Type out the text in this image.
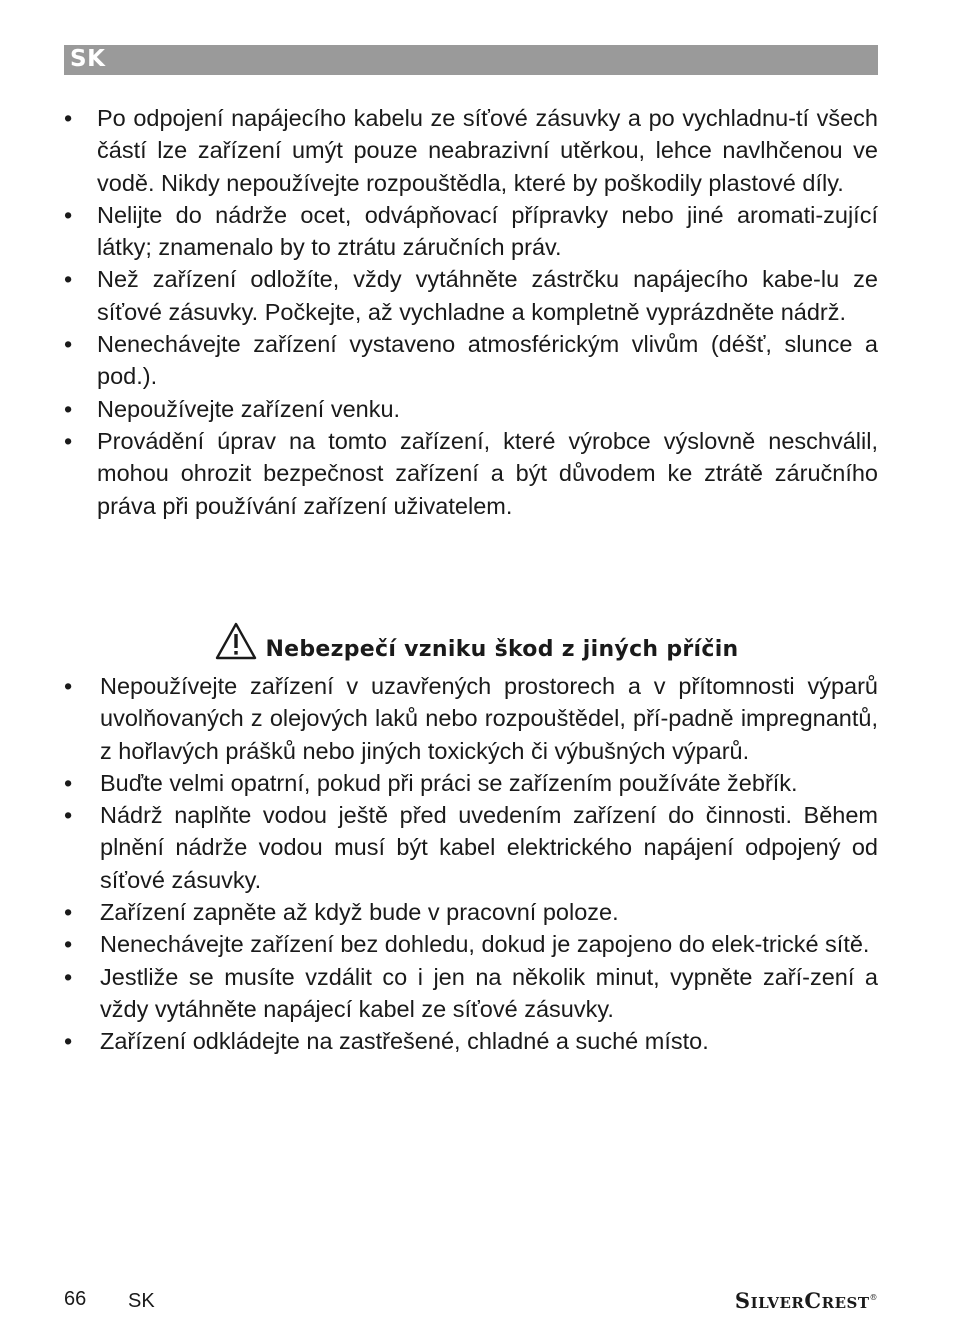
SK
• Po odpojení napájecího kabelu ze síťové zásuvky a po vychladnu-tí všech částí lze zařízení umýt pouze neabrazivní utěrkou, lehce navlhčenou ve vodě. Nikdy nepoužívejte rozpouštědla, které by poškodily plastové díly.
• Nelijte do nádrže ocet, odvápňovací přípravky nebo jiné aromati-zující látky; znamenalo by to ztrátu záručních práv.
• Než zařízení odložíte, vždy vytáhněte zástrčku napájecího kabe-lu ze síťové zásuvky. Počkejte, až vychladne a kompletně vyprázdněte nádrž.
• Nenechávejte zařízení vystaveno atmosférickým vlivům (déšť, slunce a pod.).
• Nepoužívejte zařízení venku.
• Provádění úprav na tomto zařízení, které výrobce výslovně neschválil, mohou ohrozit bezpečnost zařízení a být důvodem ke ztrátě záručního práva při používání zařízení uživatelem.
Nebezpečí vzniku škod z jiných příčin
• Nepoužívejte zařízení v uzavřených prostorech a v přítomnosti výparů uvolňovaných z olejových laků nebo rozpouštědel, pří-padně impregnantů, z hořlavých prášků nebo jiných toxických či výbušných výparů.
• Buďte velmi opatrní, pokud při práci se zařízením používáte žebřík.
• Nádrž naplňte vodou ještě před uvedením zařízení do činnosti. Během plnění nádrže vodou musí být kabel elektrického napájení odpojený od síťové zásuvky.
• Zařízení zapněte až když bude v pracovní poloze.
• Nenechávejte zařízení bez dohledu, dokud je zapojeno do elek-trické sítě.
• Jestliže se musíte vzdálit co i jen na několik minut, vypněte zaří-zení a vždy vytáhněte napájecí kabel ze síťové zásuvky.
• Zařízení odkládejte na zastřešené, chladné a suché místo.
66 SK	SilverCrest®
